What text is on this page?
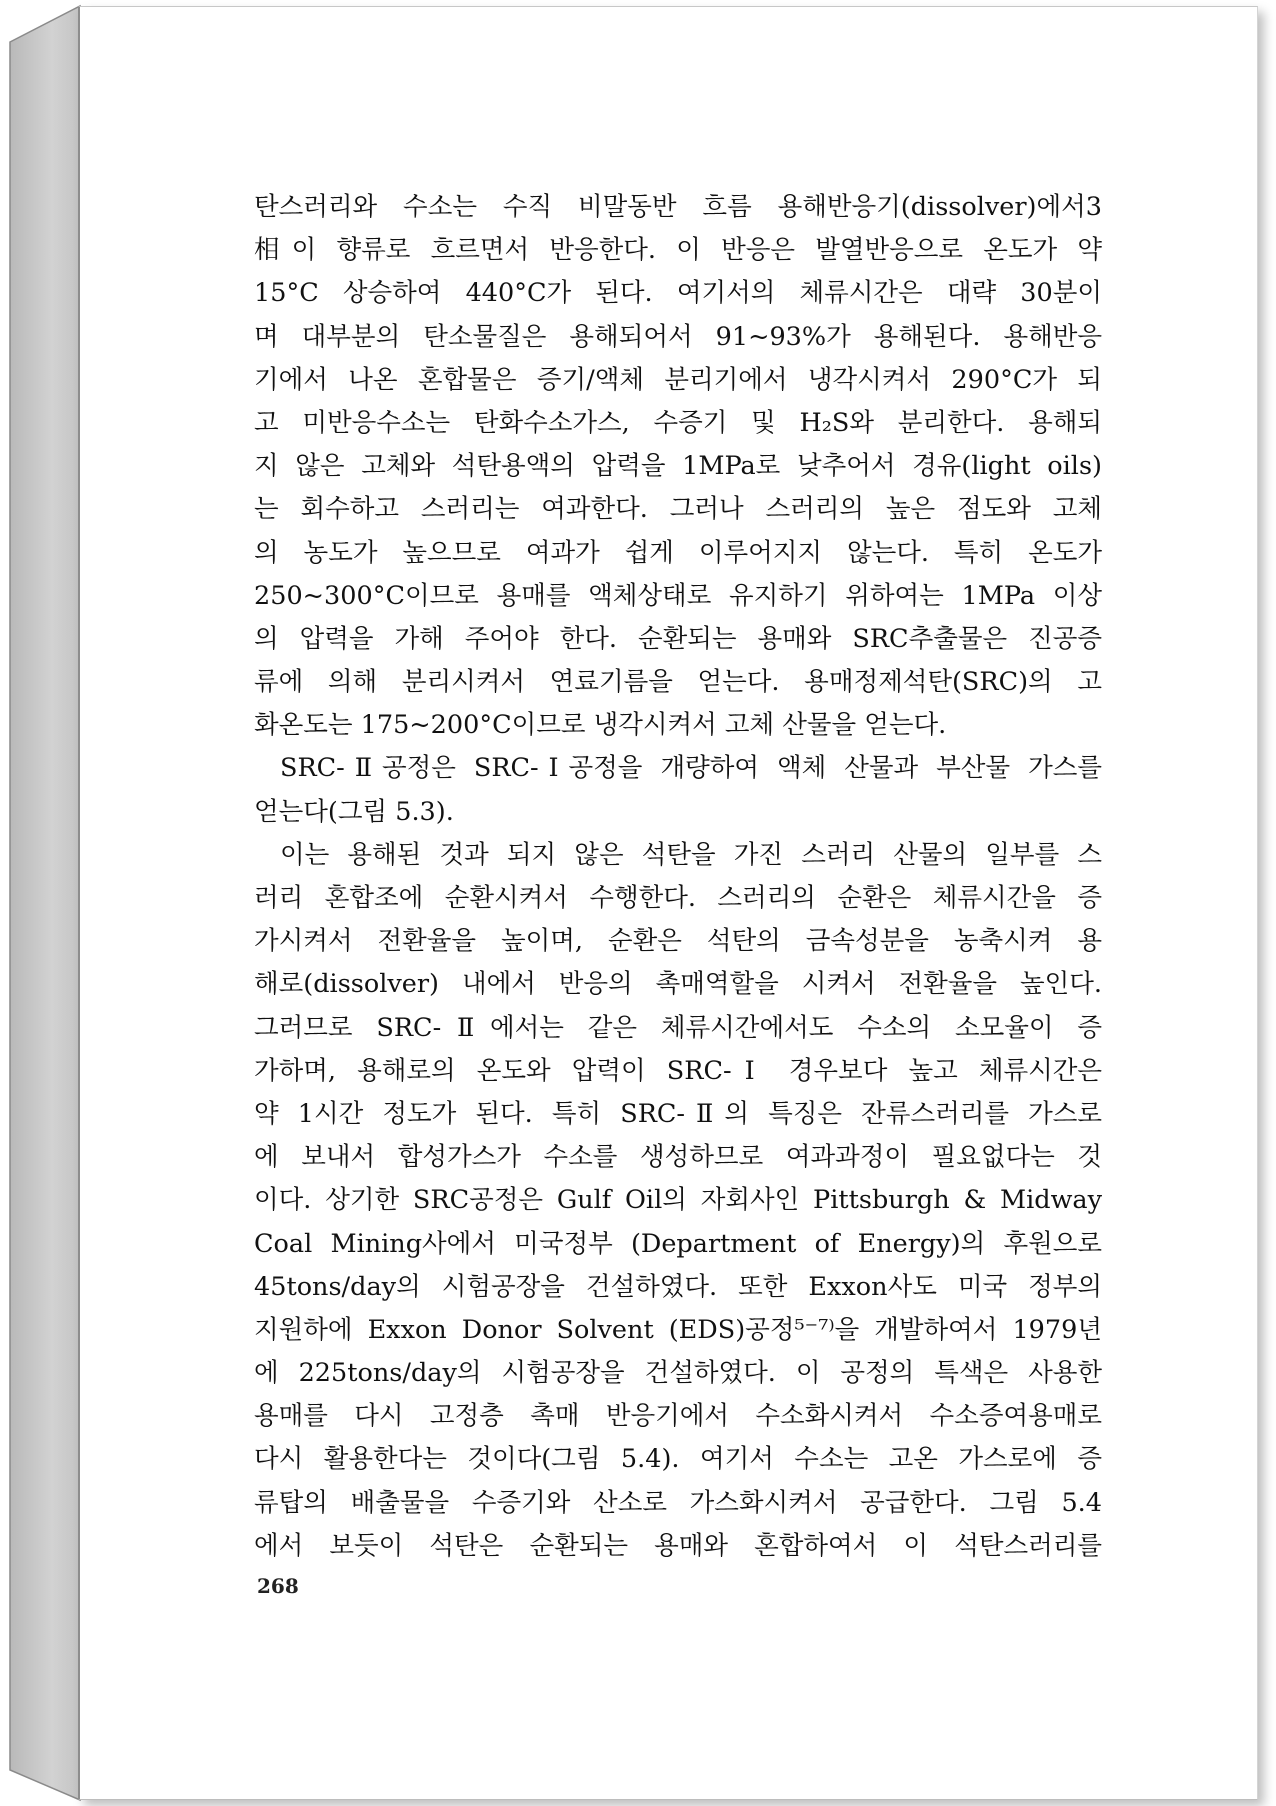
탄스러리와 수소는 수직 비말동반 흐름 용해반응기(dissolver)에서3
相이 향류로 흐르면서 반응한다. 이 반응은 발열반응으로 온도가 약
15°C 상승하여 440°C가 된다. 여기서의 체류시간은 대략 30분이
며 대부분의 탄소물질은 용해되어서 91~93%가 용해된다. 용해반응
기에서 나온 혼합물은 증기/액체 분리기에서 냉각시켜서 290°C가 되
고 미반응수소는 탄화수소가스, 수증기 및 H₂S와 분리한다. 용해되
지 않은 고체와 석탄용액의 압력을 1MPa로 낮추어서 경유(light oils)
는 회수하고 스러리는 여과한다. 그러나 스러리의 높은 점도와 고체
의 농도가 높으므로 여과가 쉽게 이루어지지 않는다. 특히 온도가
250~300°C이므로 용매를 액체상태로 유지하기 위하여는 1MPa 이상
의 압력을 가해 주어야 한다. 순환되는 용매와 SRC추출물은 진공증
류에 의해 분리시켜서 연료기름을 얻는다. 용매정제석탄(SRC)의 고
화온도는 175~200°C이므로 냉각시켜서 고체 산물을 얻는다.
SRC-Ⅱ공정은 SRC-Ⅰ공정을 개량하여 액체 산물과 부산물 가스를
얻는다(그림 5.3).
이는 용해된 것과 되지 않은 석탄을 가진 스러리 산물의 일부를 스
러리 혼합조에 순환시켜서 수행한다. 스러리의 순환은 체류시간을 증
가시켜서 전환율을 높이며, 순환은 석탄의 금속성분을 농축시켜 용
해로(dissolver) 내에서 반응의 촉매역할을 시켜서 전환율을 높인다.
그러므로 SRC-Ⅱ에서는 같은 체류시간에서도 수소의 소모율이 증
가하며, 용해로의 온도와 압력이 SRC-Ⅰ 경우보다 높고 체류시간은
약 1시간 정도가 된다. 특히 SRC-Ⅱ의 특징은 잔류스러리를 가스로
에 보내서 합성가스가 수소를 생성하므로 여과과정이 필요없다는 것
이다. 상기한 SRC공정은 Gulf Oil의 자회사인 Pittsburgh & Midway
Coal Mining사에서 미국정부 (Department of Energy)의 후원으로
45tons/day의 시험공장을 건설하였다. 또한 Exxon사도 미국 정부의
지원하에 Exxon Donor Solvent (EDS)공정⁵⁻⁷⁾을 개발하여서 1979년
에 225tons/day의 시험공장을 건설하였다. 이 공정의 특색은 사용한
용매를 다시 고정층 촉매 반응기에서 수소화시켜서 수소증여용매로
다시 활용한다는 것이다(그림 5.4). 여기서 수소는 고온 가스로에 증
류탑의 배출물을 수증기와 산소로 가스화시켜서 공급한다. 그림 5.4
에서 보듯이 석탄은 순환되는 용매와 혼합하여서 이 석탄스러리를
268
